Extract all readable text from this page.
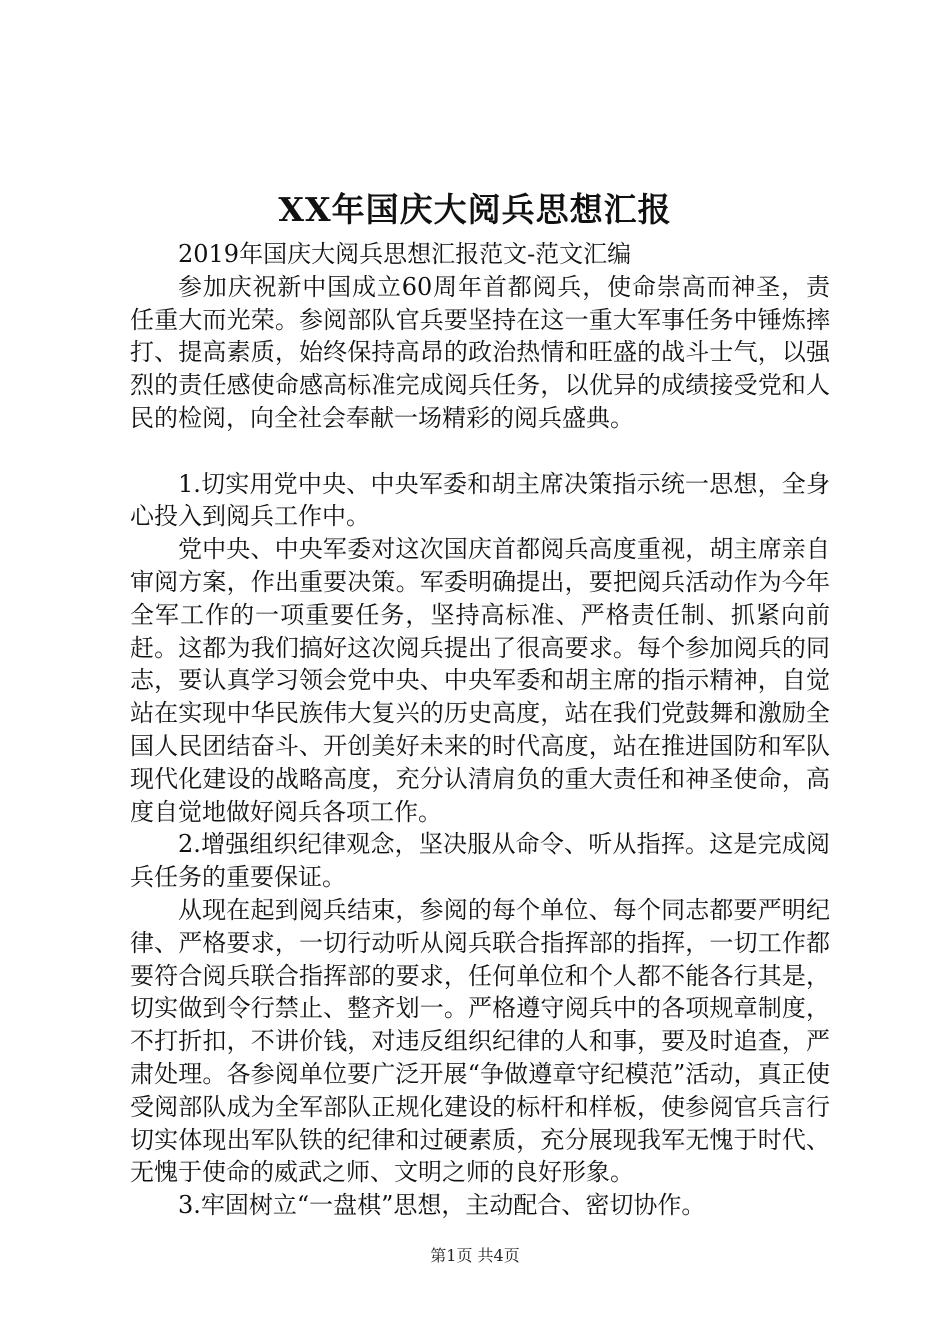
XX年国庆大阅兵思想汇报

2019年国庆大阅兵思想汇报范文-范文汇编

参加庆祝新中国成立60周年首都阅兵，使命崇高而神圣，责任重大而光荣。参阅部队官兵要坚持在这一重大军事任务中锤炼摔打、提高素质，始终保持高昂的政治热情和旺盛的战斗士气，以强烈的责任感使命感高标准完成阅兵任务，以优异的成绩接受党和人民的检阅，向全社会奉献一场精彩的阅兵盛典。

1.切实用党中央、中央军委和胡主席决策指示统一思想，全身心投入到阅兵工作中。

党中央、中央军委对这次国庆首都阅兵高度重视，胡主席亲自审阅方案，作出重要决策。军委明确提出，要把阅兵活动作为今年全军工作的一项重要任务，坚持高标准、严格责任制、抓紧向前赶。这都为我们搞好这次阅兵提出了很高要求。每个参加阅兵的同志，要认真学习领会党中央、中央军委和胡主席的指示精神，自觉站在实现中华民族伟大复兴的历史高度，站在我们党鼓舞和激励全国人民团结奋斗、开创美好未来的时代高度，站在推进国防和军队现代化建设的战略高度，充分认清肩负的重大责任和神圣使命，高度自觉地做好阅兵各项工作。

2.增强组织纪律观念，坚决服从命令、听从指挥。这是完成阅兵任务的重要保证。

从现在起到阅兵结束，参阅的每个单位、每个同志都要严明纪律、严格要求，一切行动听从阅兵联合指挥部的指挥，一切工作都要符合阅兵联合指挥部的要求，任何单位和个人都不能各行其是，切实做到令行禁止、整齐划一。严格遵守阅兵中的各项规章制度，不打折扣，不讲价钱，对违反组织纪律的人和事，要及时追查，严肃处理。各参阅单位要广泛开展“争做遵章守纪模范”活动，真正使受阅部队成为全军部队正规化建设的标杆和样板，使参阅官兵言行切实体现出军队铁的纪律和过硬素质，充分展现我军无愧于时代、无愧于使命的威武之师、文明之师的良好形象。

3.牢固树立“一盘棋”思想，主动配合、密切协作。

第1页 共4页
